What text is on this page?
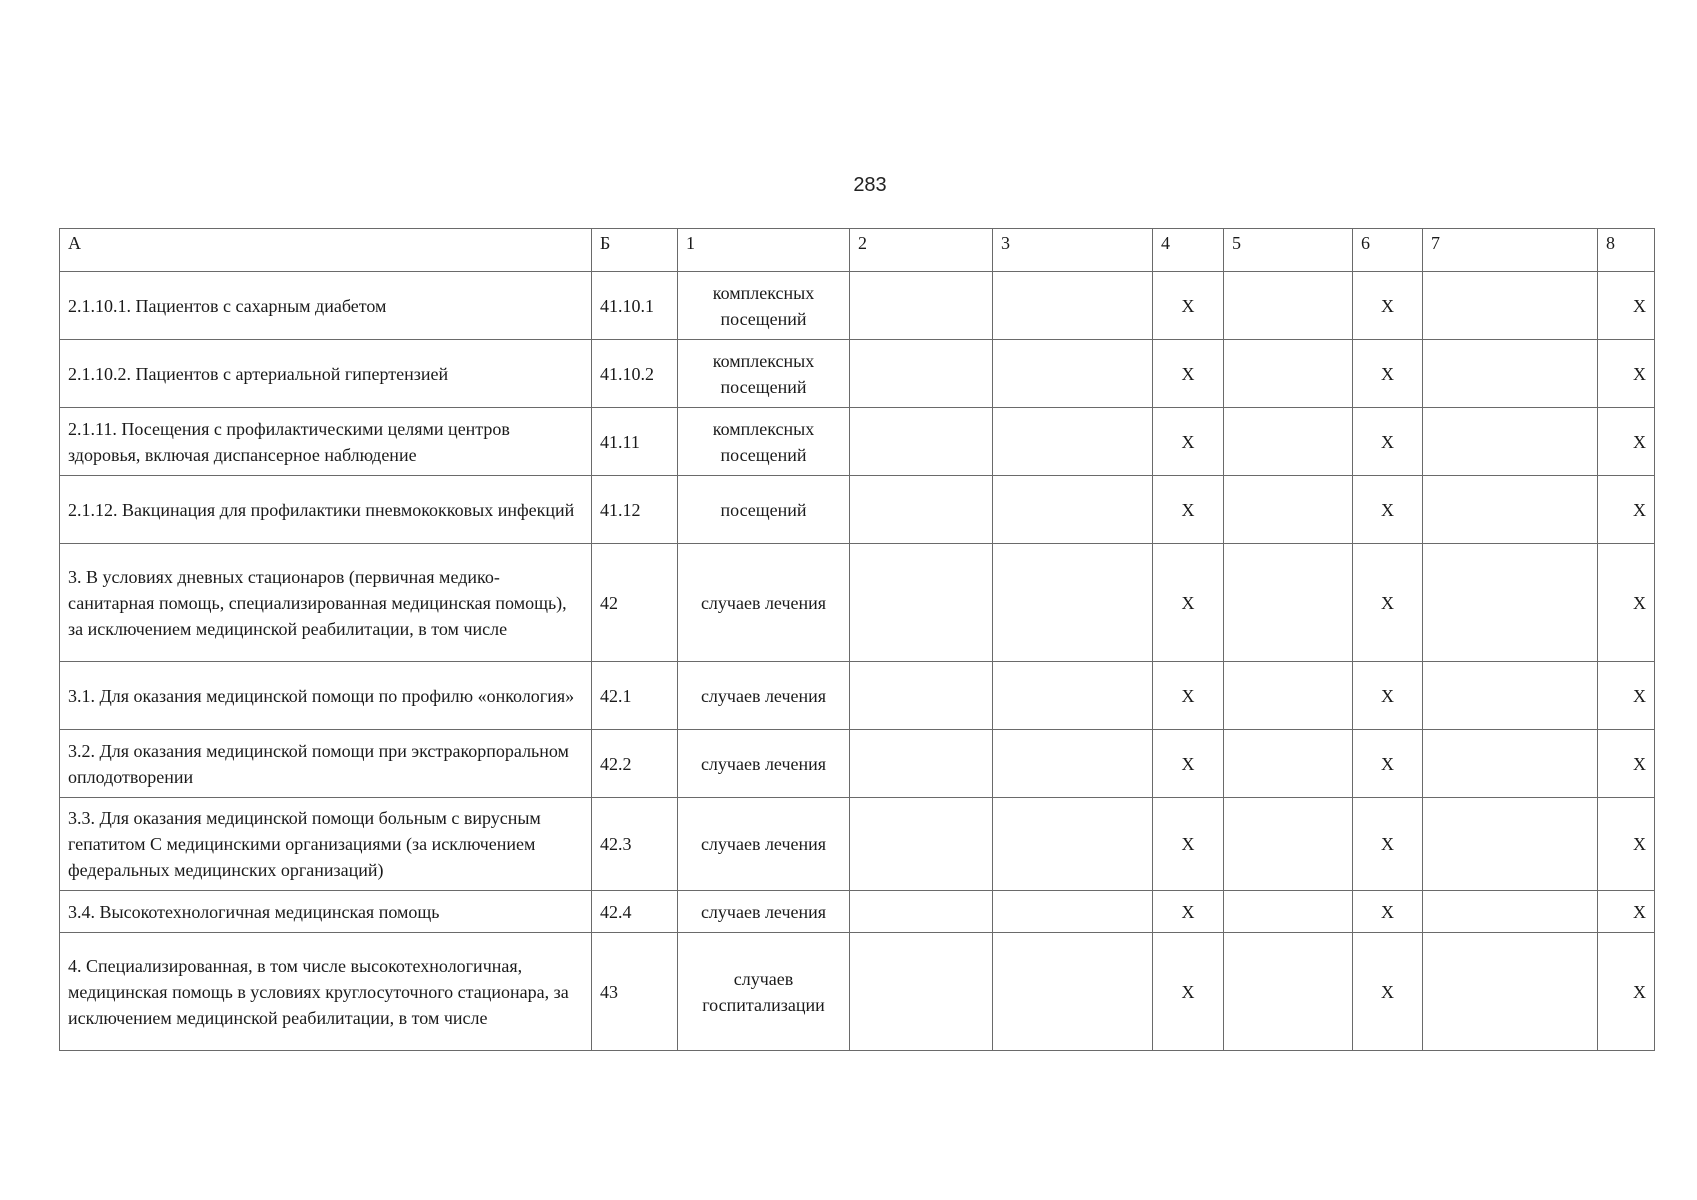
283
А	Б	1	2	3	4	5	6	7	8
2.1.10.1. Пациентов с сахарным диабетом	41.10.1	комплексных посещений			X		X		X
2.1.10.2. Пациентов с артериальной гипертензией	41.10.2	комплексных посещений			X		X		X
2.1.11. Посещения с профилактическими целями центров здоровья, включая диспансерное наблюдение	41.11	комплексных посещений			X		X		X
2.1.12. Вакцинация для профилактики пневмококковых инфекций	41.12	посещений			X		X		X
3. В условиях дневных стационаров (первичная медико-санитарная помощь, специализированная медицинская помощь), за исключением медицинской реабилитации, в том числе	42	случаев лечения			X		X		X
3.1. Для оказания медицинской помощи по профилю «онкология»	42.1	случаев лечения			X		X		X
3.2. Для оказания медицинской помощи при экстракорпоральном оплодотворении	42.2	случаев лечения			X		X		X
3.3. Для оказания медицинской помощи больным с вирусным гепатитом С медицинскими организациями (за исключением федеральных медицинских организаций)	42.3	случаев лечения			X		X		X
3.4. Высокотехнологичная медицинская помощь	42.4	случаев лечения			X		X		X
4. Специализированная, в том числе высокотехнологичная, медицинская помощь в условиях круглосуточного стационара, за исключением медицинской реабилитации, в том числе	43	случаев госпитализации			X		X		X
